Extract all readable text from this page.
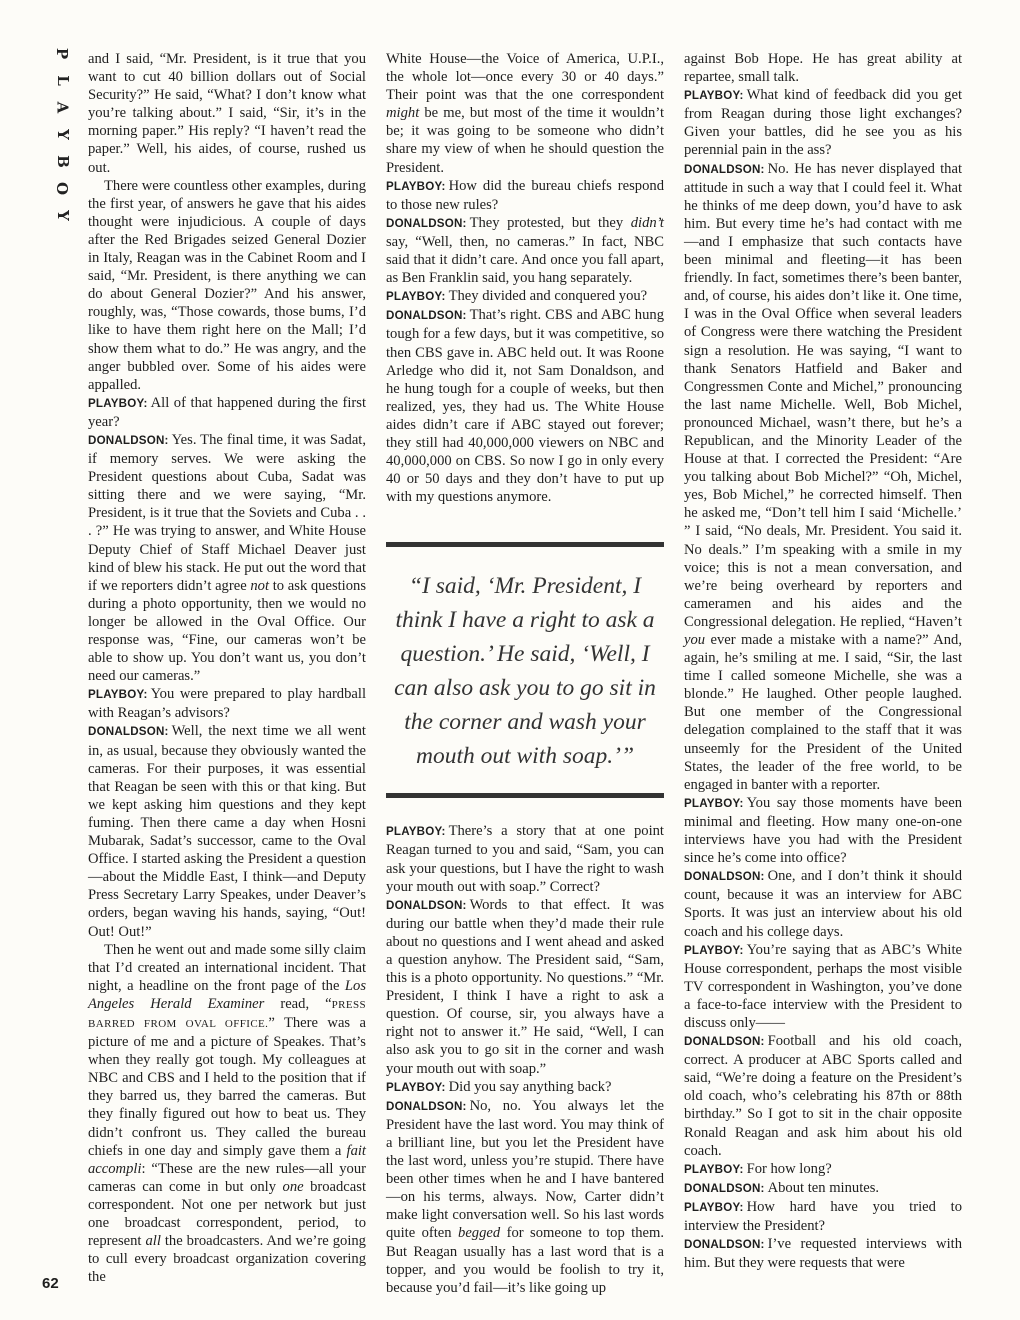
P
L
A
Y
B
O
Y
62

and I said, “Mr. President, is it true that you want to cut 40 billion dollars out of Social Security?” He said, “What? I don’t know what you’re talking about.” I said, “Sir, it’s in the morning paper.” His reply? “I haven’t read the paper.” Well, his aides, of course, rushed us out.

There were countless other examples, during the first year, of answers he gave that his aides thought were injudicious. A couple of days after the Red Brigades seized General Dozier in Italy, Reagan was in the Cabinet Room and I said, “Mr. President, is there anything we can do about General Dozier?” And his answer, roughly, was, “Those cowards, those bums, I’d like to have them right here on the Mall; I’d show them what to do.” He was angry, and the anger bubbled over. Some of his aides were appalled.

PLAYBOY: All of that happened during the first year?

DONALDSON: Yes. The final time, it was Sadat, if memory serves. We were asking the President questions about Cuba, Sadat was sitting there and we were saying, “Mr. President, is it true that the Soviets and Cuba . . . ?” He was trying to answer, and White House Deputy Chief of Staff Michael Deaver just kind of blew his stack. He put out the word that if we reporters didn’t agree not to ask questions during a photo opportunity, then we would no longer be allowed in the Oval Office. Our response was, “Fine, our cameras won’t be able to show up. You don’t want us, you don’t need our cameras.”

PLAYBOY: You were prepared to play hardball with Reagan’s advisors?

DONALDSON: Well, the next time we all went in, as usual, because they obviously wanted the cameras. For their purposes, it was essential that Reagan be seen with this or that king. But we kept asking him questions and they kept fuming. Then there came a day when Hosni Mubarak, Sadat’s successor, came to the Oval Office. I started asking the President a question—about the Middle East, I think—and Deputy Press Secretary Larry Speakes, under Deaver’s orders, began waving his hands, saying, “Out! Out! Out!”

Then he went out and made some silly claim that I’d created an international incident. That night, a headline on the front page of the Los Angeles Herald Examiner read, “PRESS BARRED FROM OVAL OFFICE.” There was a picture of me and a picture of Speakes. That’s when they really got tough. My colleagues at NBC and CBS and I held to the position that if they barred us, they barred the cameras. But they finally figured out how to beat us. They didn’t confront us. They called the bureau chiefs in one day and simply gave them a fait accompli: “These are the new rules—all your cameras can come in but only one broadcast correspondent. Not one per network but just one broadcast correspondent, period, to represent all the broadcasters. And we’re going to cull every broadcast organization covering the

White House—the Voice of America, U.P.I., the whole lot—once every 30 or 40 days.” Their point was that the one correspondent might be me, but most of the time it wouldn’t be; it was going to be someone who didn’t share my view of when he should question the President.

PLAYBOY: How did the bureau chiefs respond to those new rules?

DONALDSON: They protested, but they didn’t say, “Well, then, no cameras.” In fact, NBC said that it didn’t care. And once you fall apart, as Ben Franklin said, you hang separately.

PLAYBOY: They divided and conquered you?

DONALDSON: That’s right. CBS and ABC hung tough for a few days, but it was competitive, so then CBS gave in. ABC held out. It was Roone Arledge who did it, not Sam Donaldson, and he hung tough for a couple of weeks, but then realized, yes, they had us. The White House aides didn’t care if ABC stayed out forever; they still had 40,000,000 viewers on NBC and 40,000,000 on CBS. So now I go in only every 40 or 50 days and they don’t have to put up with my questions anymore.

“I said, ‘Mr. President, I think I have a right to ask a question.’ He said, ‘Well, I can also ask you to go sit in the corner and wash your mouth out with soap.’”

PLAYBOY: There’s a story that at one point Reagan turned to you and said, “Sam, you can ask your questions, but I have the right to wash your mouth out with soap.” Correct?

DONALDSON: Words to that effect. It was during our battle when they’d made their rule about no questions and I went ahead and asked a question anyhow. The President said, “Sam, this is a photo opportunity. No questions.” “Mr. President, I think I have a right to ask a question. Of course, sir, you always have a right not to answer it.” He said, “Well, I can also ask you to go sit in the corner and wash your mouth out with soap.”

PLAYBOY: Did you say anything back?

DONALDSON: No, no. You always let the President have the last word. You may think of a brilliant line, but you let the President have the last word, unless you’re stupid. There have been other times when he and I have bantered—on his terms, always. Now, Carter didn’t make light conversation well. So his last words quite often begged for someone to top them. But Reagan usually has a last word that is a topper, and you would be foolish to try it, because you’d fail—it’s like going up

against Bob Hope. He has great ability at repartee, small talk.

PLAYBOY: What kind of feedback did you get from Reagan during those light exchanges? Given your battles, did he see you as his perennial pain in the ass?

DONALDSON: No. He has never displayed that attitude in such a way that I could feel it. What he thinks of me deep down, you’d have to ask him. But every time he’s had contact with me—and I emphasize that such contacts have been minimal and fleeting—it has been friendly. In fact, sometimes there’s been banter, and, of course, his aides don’t like it. One time, I was in the Oval Office when several leaders of Congress were there watching the President sign a resolution. He was saying, “I want to thank Senators Hatfield and Baker and Congressmen Conte and Michel,” pronouncing the last name Michelle. Well, Bob Michel, pronounced Michael, wasn’t there, but he’s a Republican, and the Minority Leader of the House at that. I corrected the President: “Are you talking about Bob Michel?” “Oh, Michel, yes, Bob Michel,” he corrected himself. Then he asked me, “Don’t tell him I said ‘Michelle.’ ” I said, “No deals, Mr. President. You said it. No deals.” I’m speaking with a smile in my voice; this is not a mean conversation, and we’re being overheard by reporters and cameramen and his aides and the Congressional delegation. He replied, “Haven’t you ever made a mistake with a name?” And, again, he’s smiling at me. I said, “Sir, the last time I called someone Michelle, she was a blonde.” He laughed. Other people laughed. But one member of the Congressional delegation complained to the staff that it was unseemly for the President of the United States, the leader of the free world, to be engaged in banter with a reporter.

PLAYBOY: You say those moments have been minimal and fleeting. How many one-on-one interviews have you had with the President since he’s come into office?

DONALDSON: One, and I don’t think it should count, because it was an interview for ABC Sports. It was just an interview about his old coach and his college days.

PLAYBOY: You’re saying that as ABC’s White House correspondent, perhaps the most visible TV correspondent in Washington, you’ve done a face-to-face interview with the President to discuss only——

DONALDSON: Football and his old coach, correct. A producer at ABC Sports called and said, “We’re doing a feature on the President’s old coach, who’s celebrating his 87th or 88th birthday.” So I got to sit in the chair opposite Ronald Reagan and ask him about his old coach.

PLAYBOY: For how long?

DONALDSON: About ten minutes.

PLAYBOY: How hard have you tried to interview the President?

DONALDSON: I’ve requested interviews with him. But they were requests that were
